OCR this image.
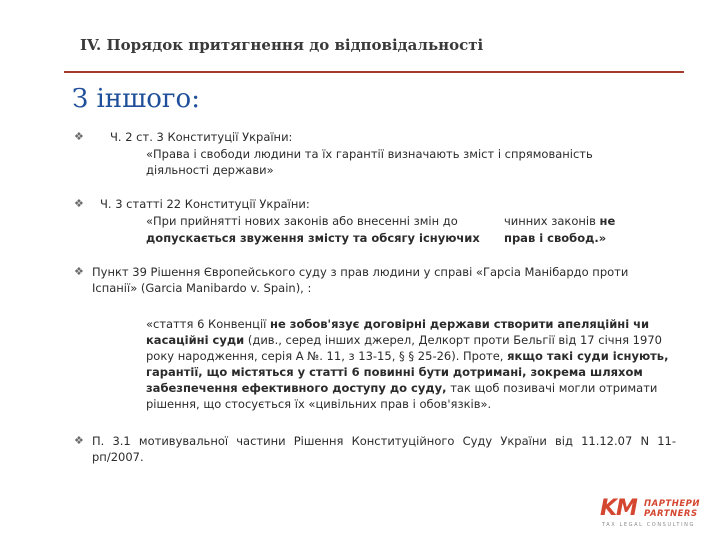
IV. Порядок притягнення до відповідальності
З іншого:
❖ Ч. 2 ст. 3 Конституції України:
«Права і свободи людини та їх гарантії визначають зміст і спрямованість діяльності держави»
❖ Ч. 3 статті 22 Конституції України:
«При прийнятті нових законів або внесенні змін до	чинних законів не
допускається звуження змісту та обсягу існуючих прав і свобод.»
❖ Пункт 39 Рішення Європейського суду з прав людини у справі «Гарсіа Манібардо проти Іспанії» (Garcia Manibardo v. Spain), :
«стаття 6 Конвенції не зобов'язує договірні держави створити апеляційні чи касаційні суди (див., серед інших джерел, Делкорт проти Бельгії від 17 січня 1970 року народження, серія А №. 11, з 13-15, § § 25-26). Проте, якщо такі суди існують, гарантії, що містяться у статті 6 повинні бути дотримані, зокрема шляхом забезпечення ефективного доступу до суду, так щоб позивачі могли отримати рішення, що стосується їх «цивільних прав і обов'язків».
❖ П. 3.1 мотивувальної частини Рішення Конституційного Суду України від 11.12.07 N 11-рп/2007.
KM ПАРТНЕРИ
PARTNERS
TAX LEGAL CONSULTING
